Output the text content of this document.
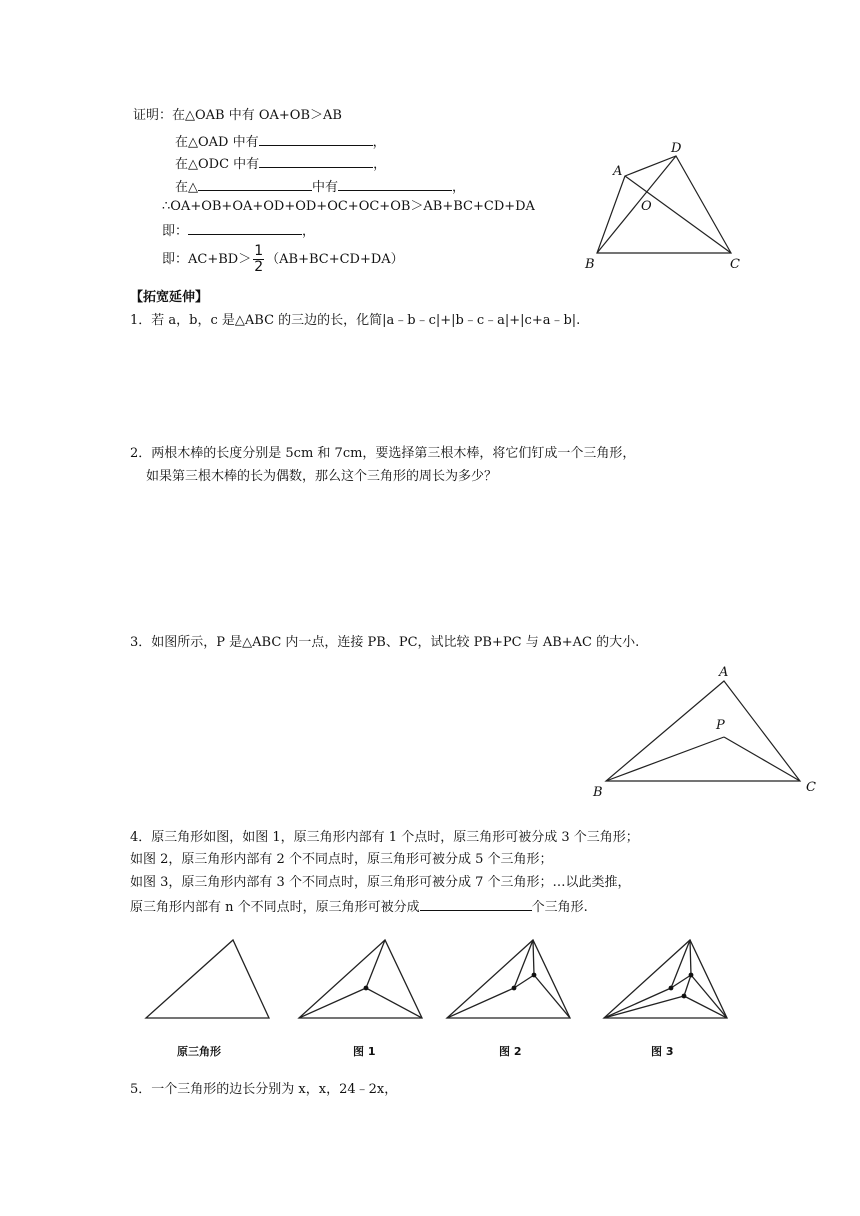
证明：在△OAB 中有 OA+OB＞AB
在△OAD 中有	，
在△ODC 中有	，
在△	中有	，
∴OA+OB+OA+OD+OD+OC+OC+OB＞AB+BC+CD+DA
即：	，
即：$AC+BD> \frac{1}{2} (AB+BC+CD+DA)$
A
D
O
B	C
【拓宽延伸】
1．若 a，b，c 是△ABC 的三边的长，化简|a﹣b﹣c|+|b﹣c﹣a|+|c+a﹣b|.
2．两根木棒的长度分别是 5cm 和 7cm，要选择第三根木棒，将它们钉成一个三角形，
如果第三根木棒的长为偶数，那么这个三角形的周长为多少？
3．如图所示，P 是△ABC 内一点，连接 PB、PC，试比较 PB+PC 与 AB+AC 的大小.
A
P
B	C
4．原三角形如图，如图 1，原三角形内部有 1 个点时，原三角形可被分成 3 个三角形；
如图 2，原三角形内部有 2 个不同点时，原三角形可被分成 5 个三角形；
如图 3，原三角形内部有 3 个不同点时，原三角形可被分成 7 个三角形；…以此类推，
原三角形内部有 n 个不同点时，原三角形可被分成	个三角形.
原三角形	图 1	图 2	图 3
5．一个三角形的边长分别为 x，x，24﹣2x，
